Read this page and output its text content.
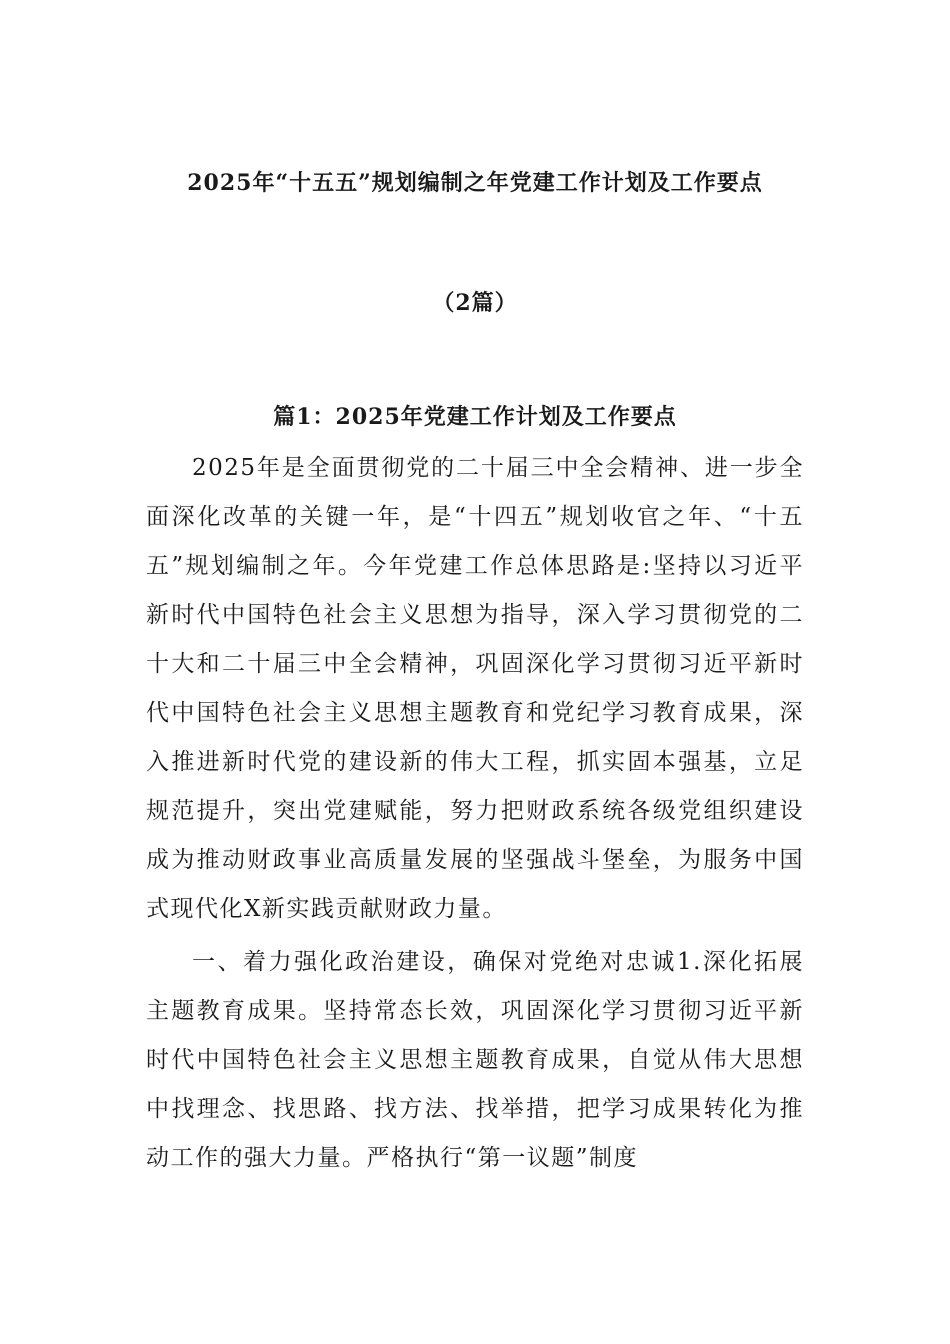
2025年“十五五”规划编制之年党建工作计划及工作要点
（2篇）
篇1：2025年党建工作计划及工作要点

2025年是全面贯彻党的二十届三中全会精神、进一步全面深化改革的关键一年，是“十四五”规划收官之年、“十五五”规划编制之年。今年党建工作总体思路是:坚持以习近平新时代中国特色社会主义思想为指导，深入学习贯彻党的二十大和二十届三中全会精神，巩固深化学习贯彻习近平新时代中国特色社会主义思想主题教育和党纪学习教育成果，深入推进新时代党的建设新的伟大工程，抓实固本强基，立足规范提升，突出党建赋能，努力把财政系统各级党组织建设成为推动财政事业高质量发展的坚强战斗堡垒，为服务中国式现代化X新实践贡献财政力量。

一、着力强化政治建设，确保对党绝对忠诚1.深化拓展主题教育成果。坚持常态长效，巩固深化学习贯彻习近平新时代中国特色社会主义思想主题教育成果，自觉从伟大思想中找理念、找思路、找方法、找举措，把学习成果转化为推动工作的强大力量。严格执行“第一议题”制度
